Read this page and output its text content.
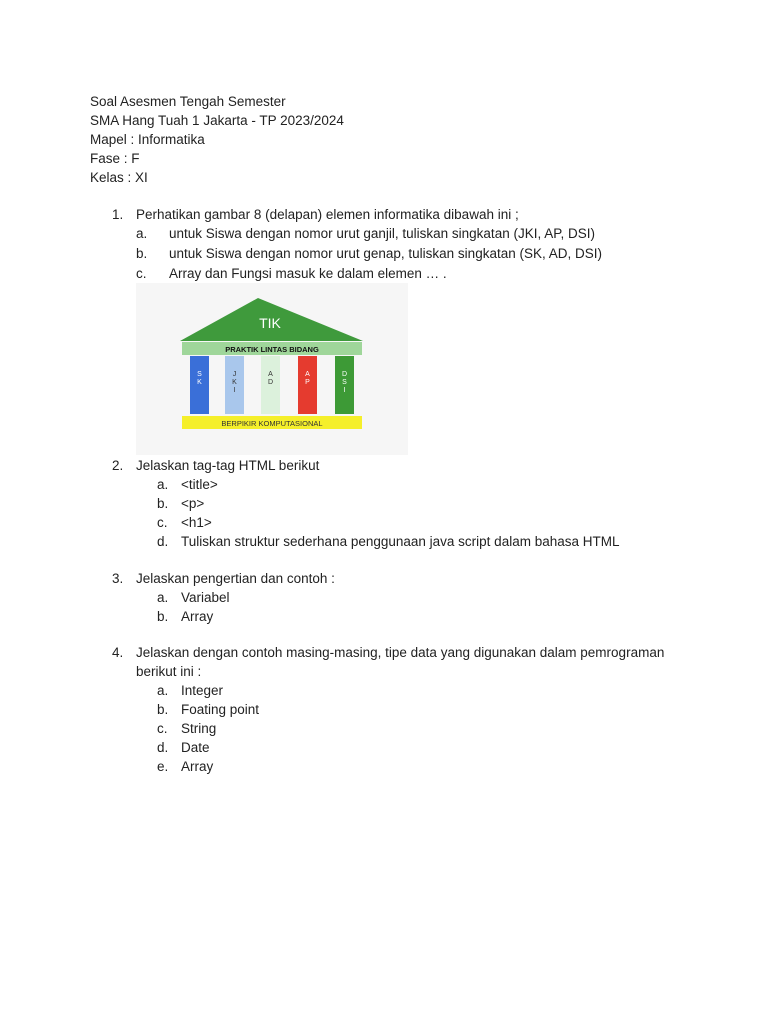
Soal Asesmen Tengah Semester
SMA Hang Tuah 1 Jakarta - TP 2023/2024
Mapel : Informatika
Fase : F
Kelas : XI
1. Perhatikan gambar 8 (delapan) elemen informatika dibawah ini ;
a. untuk Siswa dengan nomor urut ganjil, tuliskan singkatan (JKI, AP, DSI)
b. untuk Siswa dengan nomor urut genap, tuliskan singkatan (SK, AD, DSI)
c. Array dan Fungsi masuk ke dalam elemen … .
TIK
PRAKTIK LINTAS BIDANG
S K
J K I
A D
A P
D S I
BERPIKIR KOMPUTASIONAL
2. Jelaskan tag-tag HTML berikut
a. <title>
b. <p>
c. <h1>
d. Tuliskan struktur sederhana penggunaan java script dalam bahasa HTML
3. Jelaskan pengertian dan contoh :
a. Variabel
b. Array
4. Jelaskan dengan contoh masing-masing, tipe data yang digunakan dalam pemrograman berikut ini :
a. Integer
b. Foating point
c. String
d. Date
e. Array
